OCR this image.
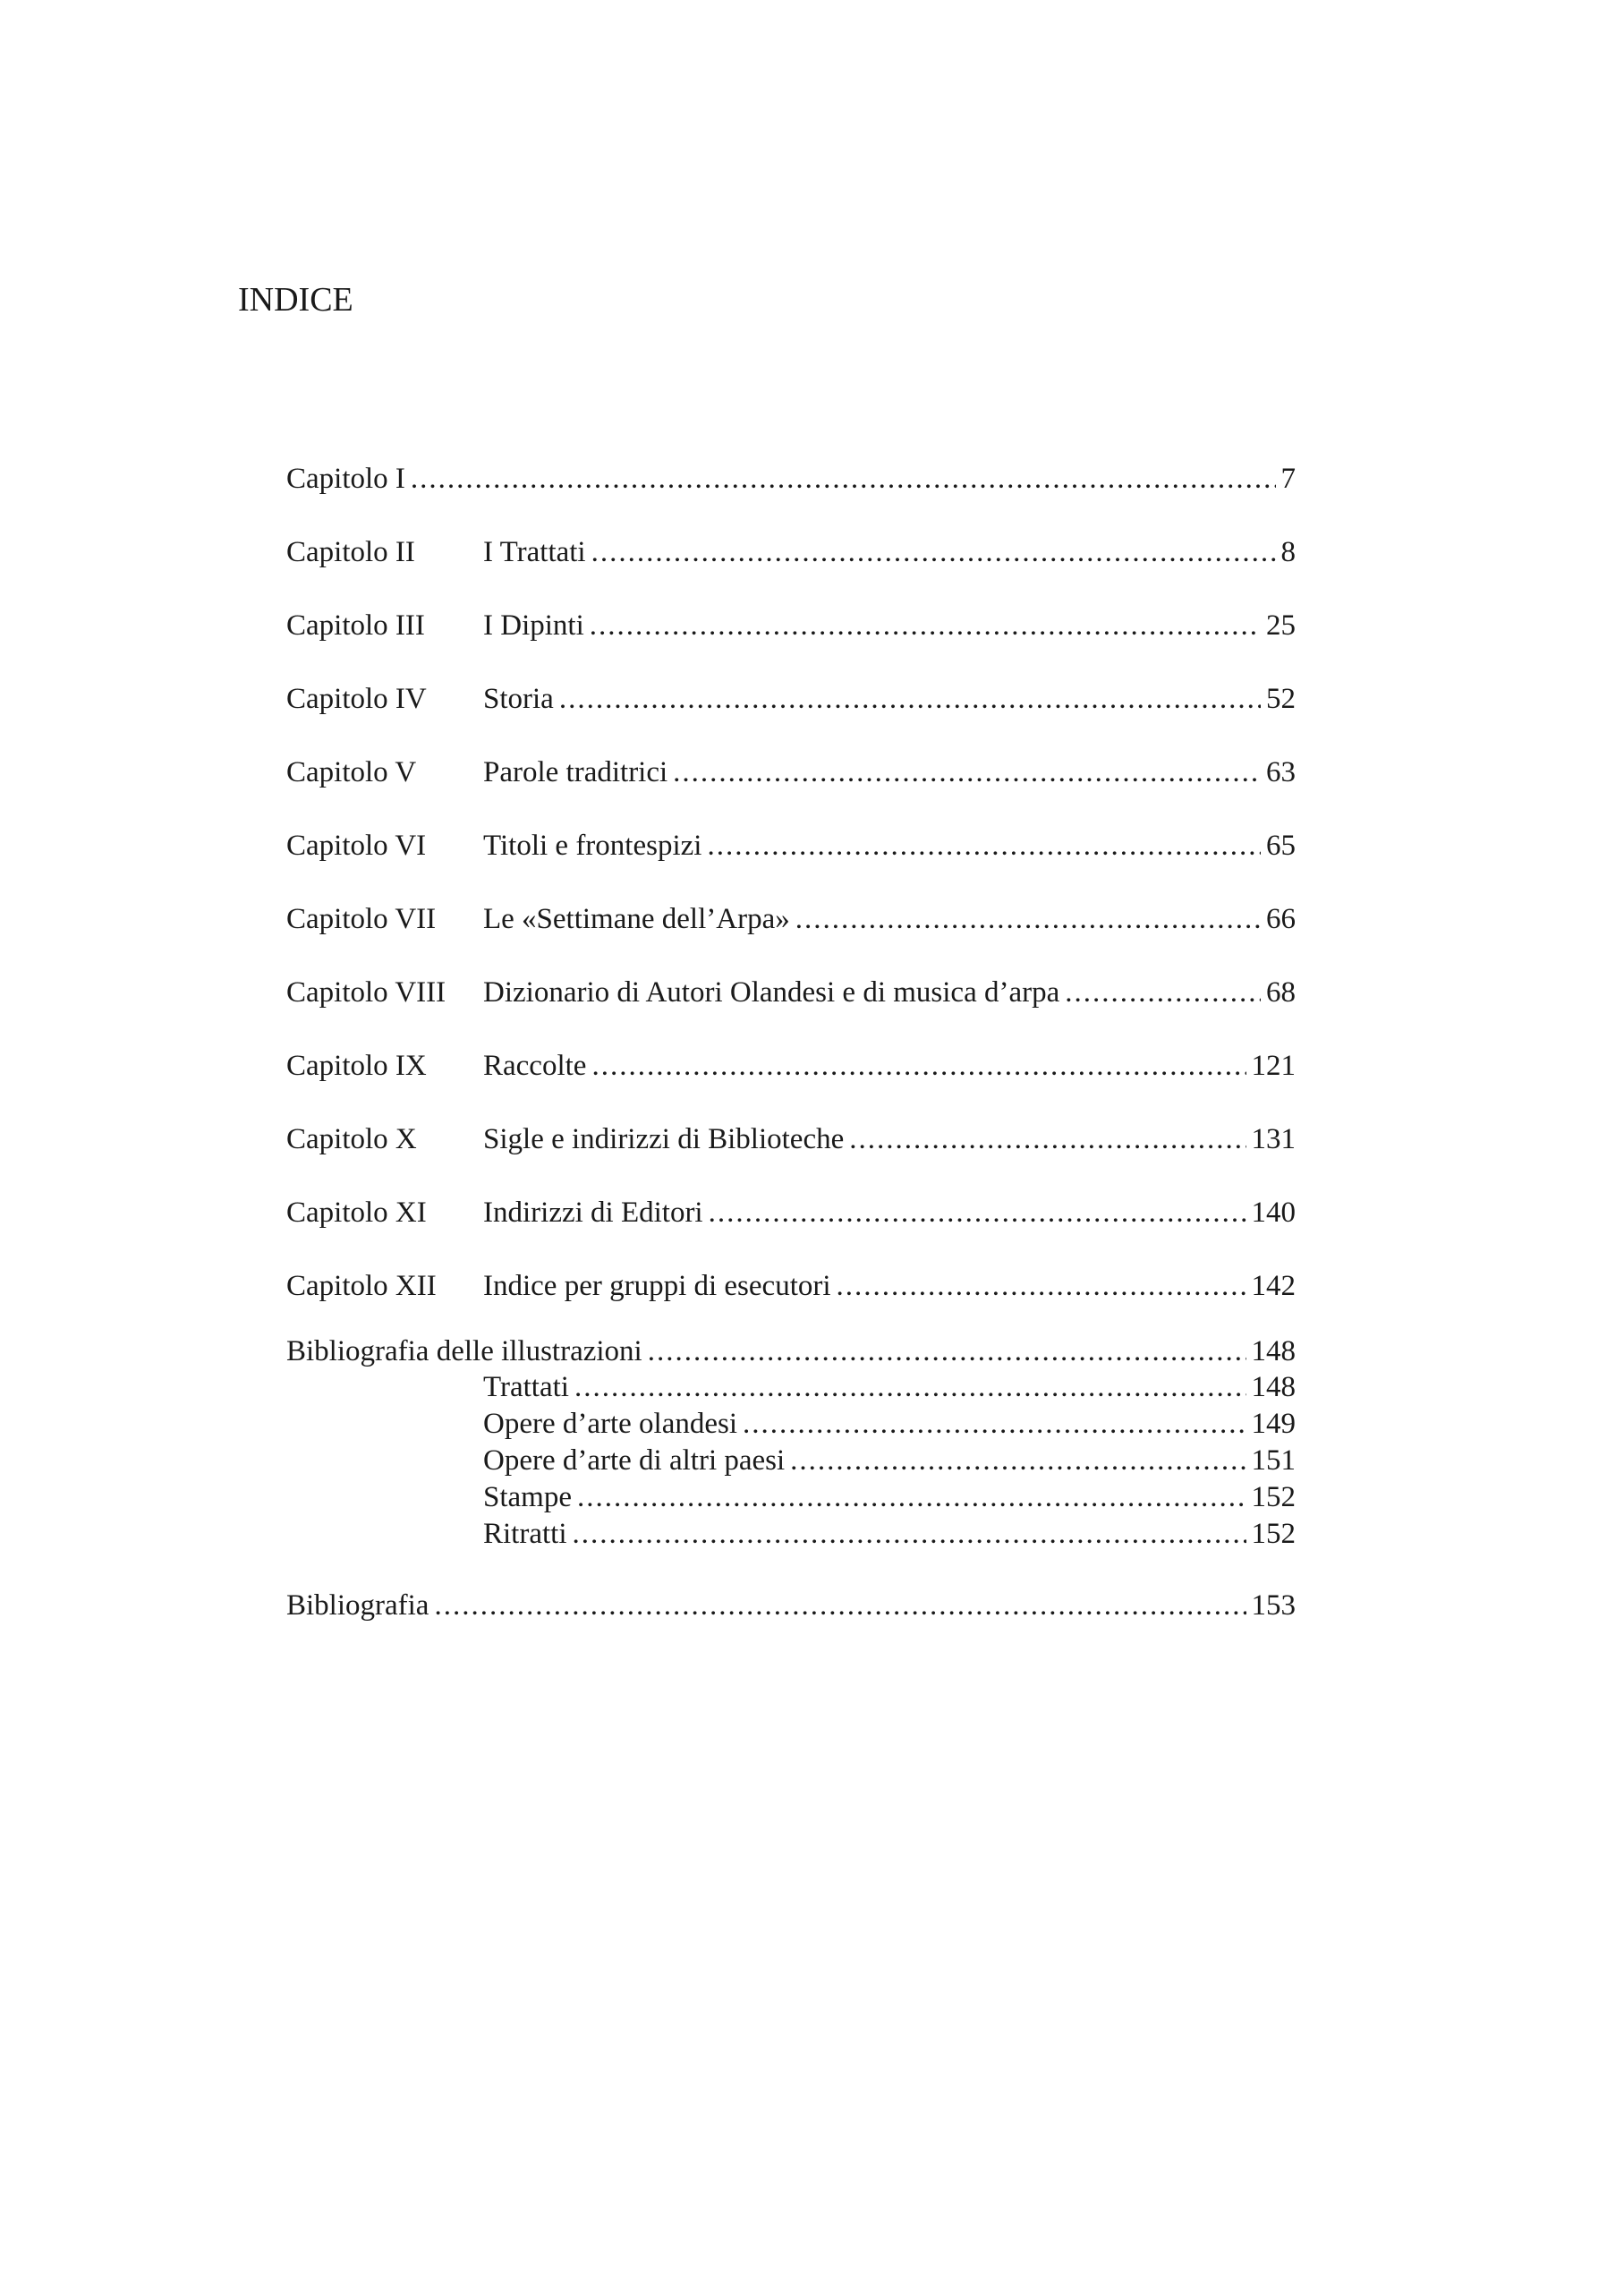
INDICE
Capitolo I .....	7
Capitolo II	I Trattati .....	8
Capitolo III	I Dipinti .....	25
Capitolo IV	Storia .....	52
Capitolo V	Parole traditrici .....	63
Capitolo VI	Titoli e frontespizi .....	65
Capitolo VII	Le «Settimane dell’Arpa» .....	66
Capitolo VIII	Dizionario di Autori Olandesi e di musica d’arpa .....	68
Capitolo IX	Raccolte .....	121
Capitolo X	Sigle e indirizzi di Biblioteche .....	131
Capitolo XI	Indirizzi di Editori .....	140
Capitolo XII	Indice per gruppi di esecutori .....	142
Bibliografia delle illustrazioni .....	148
Trattati .....	148
Opere d’arte olandesi .....	149
Opere d’arte di altri paesi .....	151
Stampe .....	152
Ritratti .....	152
Bibliografia .....	153
